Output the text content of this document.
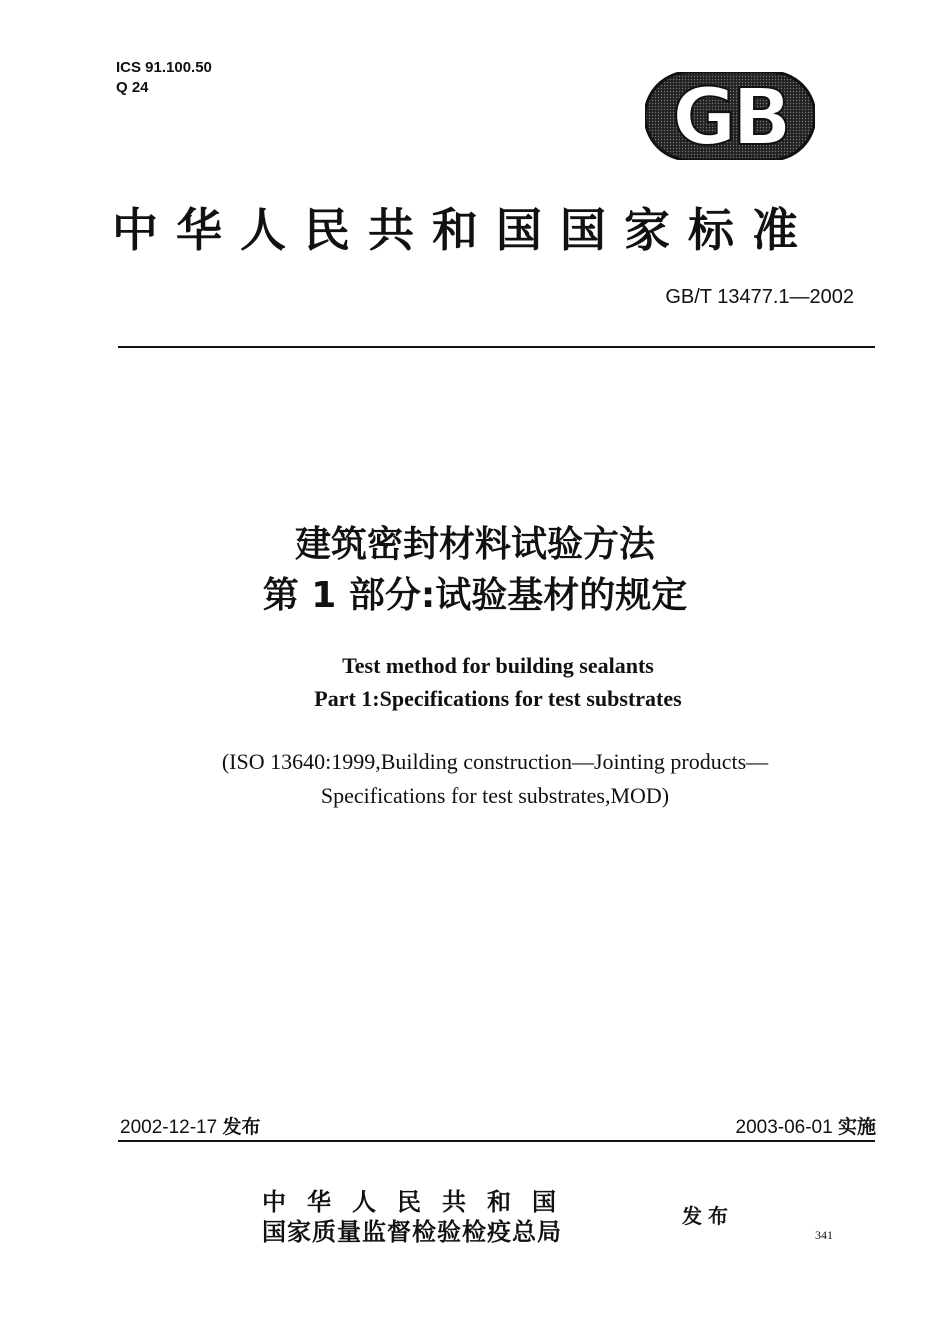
ICS 91.100.50
Q 24	GB
中华人民共和国国家标准
GB/T 13477.1—2002
建筑密封材料试验方法
第 1 部分:试验基材的规定
Test method for building sealants
Part 1:Specifications for test substrates
(ISO 13640:1999,Building construction—Jointing products—
Specifications for test substrates,MOD)
2002-12-17 发布	2003-06-01 实施
中华人民共和国
国家质量监督检验检疫总局
发布
341
